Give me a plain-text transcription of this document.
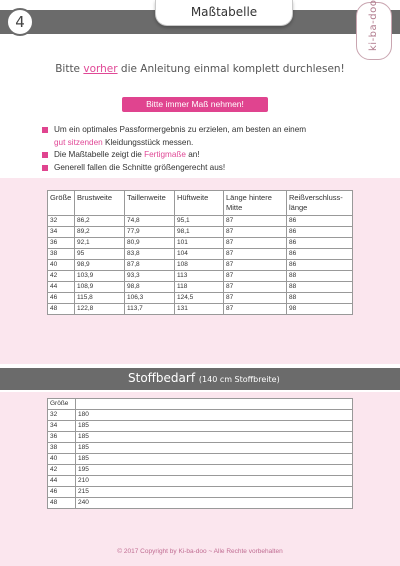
4
Maßtabelle	ki-ba-doo
Bitte vorher die Anleitung einmal komplett durchlesen!
Bitte immer Maß nehmen!
Um ein optimales Passformergebnis zu erzielen, am besten an einem
gut sitzenden Kleidungsstück messen.
Die Maßtabelle zeigt die Fertigmaße an!
Generell fallen die Schnitte größengerecht aus!
Größe	Brustweite	Taillenweite	Hüftweite	Länge hintere Mitte	Reißverschluss-länge
32	86,2	74,8	95,1	87	86
34	89,2	77,9	98,1	87	86
36	92,1	80,9	101	87	86
38	95	83,8	104	87	86
40	98,9	87,8	108	87	86
42	103,9	93,3	113	87	88
44	108,9	98,8	118	87	88
46	115,8	106,3	124,5	87	88
48	122,8	113,7	131	87	98
Stoffbedarf (140 cm Stoffbreite)
Größe	
32	180
34	185
36	185
38	185
40	185
42	195
44	210
46	215
48	240
© 2017 Copyright by Ki-ba-doo ~ Alle Rechte vorbehalten
